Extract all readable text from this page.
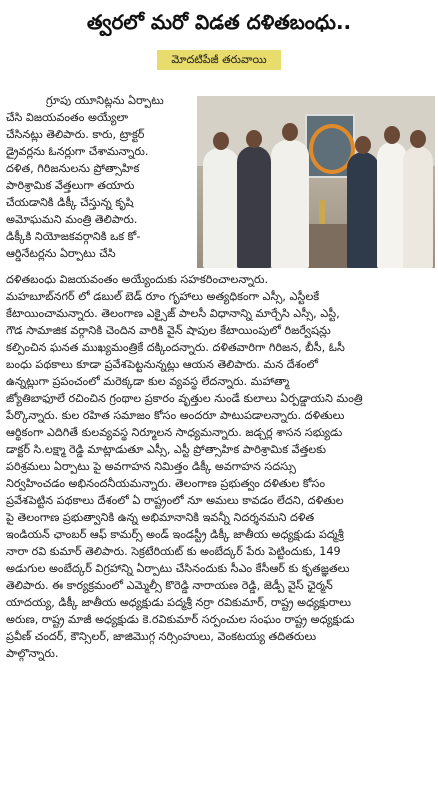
త్వరలో మరో విడత దళితబంధు..
మోదటిపేజీ తరువాయి
గ్రూపు యూనిట్లను ఏర్పాటు
చేసి విజయవంతం అయ్యేలా
చేసినట్లు తెలిపారు. కారు, ట్రాక్టర్
డ్రైవర్లను ఓనర్లుగా చేశామన్నారు.
దళిత, గిరిజనులను ప్రోత్సాహిక
పారిశ్రామిక వేత్తలుగా తయారు
చేయడానికి డిక్కీ చేస్తున్న కృషి
అమోఘమని మంత్రి తెలిపారు.
డిక్కీకి నియోజకవర్గానికి ఒక కో-
ఆర్డినేటర్లను ఏర్పాటు చేసి
దళితబంధు విజయవంతం అయ్యేందుకు సహకరించాలన్నారు.
మహబూబ్‌నగర్ లో డబుల్ బెడ్ రూం గృహాలు అత్యధికంగా ఎస్సీ, ఎస్టీలకే
కేటాయించామన్నారు. తెలంగాణ ఎక్సైజ్ పాలసీ విధానాన్ని మార్చేసి ఎస్సీ, ఎస్టీ,
గౌడ సామాజిక వర్గానికి చెందిన వారికి వైన్ షాపుల కేటాయింపులో రిజర్వేషన్లు
కల్పించిన ఘనత ముఖ్యమంత్రికే దక్కిందన్నారు. దళితవారిగా గిరిజన, బీసీ, ఓసీ
బంధు పథకాలు కూడా ప్రవేశపెట్టనున్నట్లు ఆయన తెలిపారు. మన దేశంలో
ఉన్నట్లుగా ప్రపంచంలో మరెక్కడా కుల వ్యవస్థ లేదన్నారు. మహాత్మా
జ్యోతిబాఫూలే రచించిన గ్రంథాల ప్రకారం వృత్తుల నుండే కులాలు ఏర్పడ్డాయని మంత్రి
పేర్కొన్నారు. కుల రహిత సమాజం కోసం అందరూ పాటుపడాలన్నారు. దళితులు
ఆర్థికంగా ఎదిగితే కులవ్యవస్థ నిర్మూలన సాధ్యమన్నారు. జడ్చర్ల శాసన సభ్యుడు
డాక్టర్ సి.లక్ష్మా రెడ్డి మాట్లాడుతూ ఎస్సీ, ఎస్టీ ప్రోత్సాహిక పారిశ్రామిక వేత్తలకు
పరిశ్రమలు ఏర్పాటు పై అవగాహన నిమిత్తం డిక్కీ అవగాహన సదస్సు
నిర్వహించడం అభినందనీయమన్నారు. తెలంగాణ ప్రభుత్వం దళితుల కోసం
ప్రవేశపెట్టిన పథకాలు దేశంలో ఏ రాష్ట్రంలో నూ అమలు కావడం లేదని, దళితుల
పై తెలంగాణ ప్రభుత్వానికి ఉన్న అభిమానానికి ఇవన్నీ నిదర్శనమని దళిత
ఇండియన్ ఛాంబర్ ఆఫ్ కామర్స్ అండ్ ఇండస్ట్రీ డిక్కీ జాతీయ అధ్యక్షుడు పద్మశ్రీ
నారా రవి కుమార్ తెలిపారు. సెక్రటేరియట్ కు అంబేద్కర్ పేరు పెట్టిందుకు, 149
అడుగుల అంబేద్కర్ విగ్రహాన్ని ఏర్పాటు చేసినందుకు సీఎం కేసీఆర్ కు కృతజ్ఞతలు
తెలిపారు. ఈ కార్యక్రమంలో ఎమ్మెల్సీ కొరెడ్డి నారాయణ రెడ్డి, జెడ్పీ వైస్ ఛైర్మన్
యాదయ్య, డిక్కీ జాతీయ అధ్యక్షుడు పద్మశ్రీ నర్రా రవికుమార్, రాష్ట్ర అధ్యక్షురాలు
అరుణ, రాష్ట్ర మాజీ అధ్యక్షుడు కె.రవికుమార్ సర్పంచుల సంఘం రాష్ట్ర అధ్యక్షుడు
ప్రవీణ్ చందర్, కౌన్సిలర్, జాజిమొగ్గ నర్సింహులు, వెంకటయ్య తదితరులు
పాల్గొన్నారు.
